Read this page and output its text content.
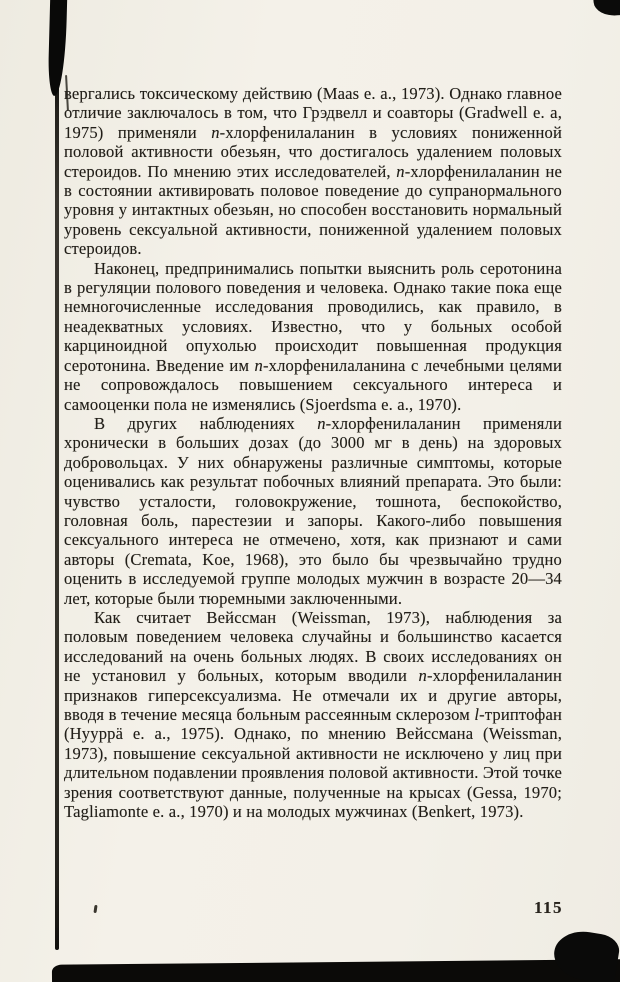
вергались токсическому действию (Maas e. a., 1973). Однако главное отличие заключалось в том, что Грэдвелл и соавторы (Gradwell e. a, 1975) применяли n-хлорфенилаланин в условиях пониженной половой активности обезьян, что достигалось удалением половых стероидов. По мнению этих исследователей, n-хлорфенилаланин не в состоянии активировать половое поведение до супранормального уровня у интактных обезьян, но способен восстановить нормальный уровень сексуальной активности, пониженной удалением половых стероидов.

Наконец, предпринимались попытки выяснить роль серотонина в регуляции полового поведения и человека. Однако такие пока еще немногочисленные исследования проводились, как правило, в неадекватных условиях. Известно, что у больных особой карциноидной опухолью происходит повышенная продукция серотонина. Введение им n-хлорфенилаланина с лечебными целями не сопровождалось повышением сексуального интереса и самооценки пола не изменялись (Sjoerdsma e. a., 1970).

В других наблюдениях n-хлорфенилаланин применяли хронически в больших дозах (до 3000 мг в день) на здоровых добровольцах. У них обнаружены различные симптомы, которые оценивались как результат побочных влияний препарата. Это были: чувство усталости, головокружение, тошнота, беспокойство, головная боль, парестезии и запоры. Какого-либо повышения сексуального интереса не отмечено, хотя, как признают и сами авторы (Cremata, Koe, 1968), это было бы чрезвычайно трудно оценить в исследуемой группе молодых мужчин в возрасте 20—34 лет, которые были тюремными заключенными.

Как считает Вейссман (Weissman, 1973), наблюдения за половым поведением человека случайны и большинство касается исследований на очень больных людях. В своих исследованиях он не установил у больных, которым вводили n-хлорфенилаланин признаков гиперсексуализма. Не отмечали их и другие авторы, вводя в течение месяца больным рассеянным склерозом l-триптофан (Hyyppä e. a., 1975). Однако, по мнению Вейссмана (Weissman, 1973), повышение сексуальной активности не исключено у лиц при длительном подавлении проявления половой активности. Этой точке зрения соответствуют данные, полученные на крысах (Gessa, 1970; Tagliamonte e. a., 1970) и на молодых мужчинах (Benkert, 1973).

115
